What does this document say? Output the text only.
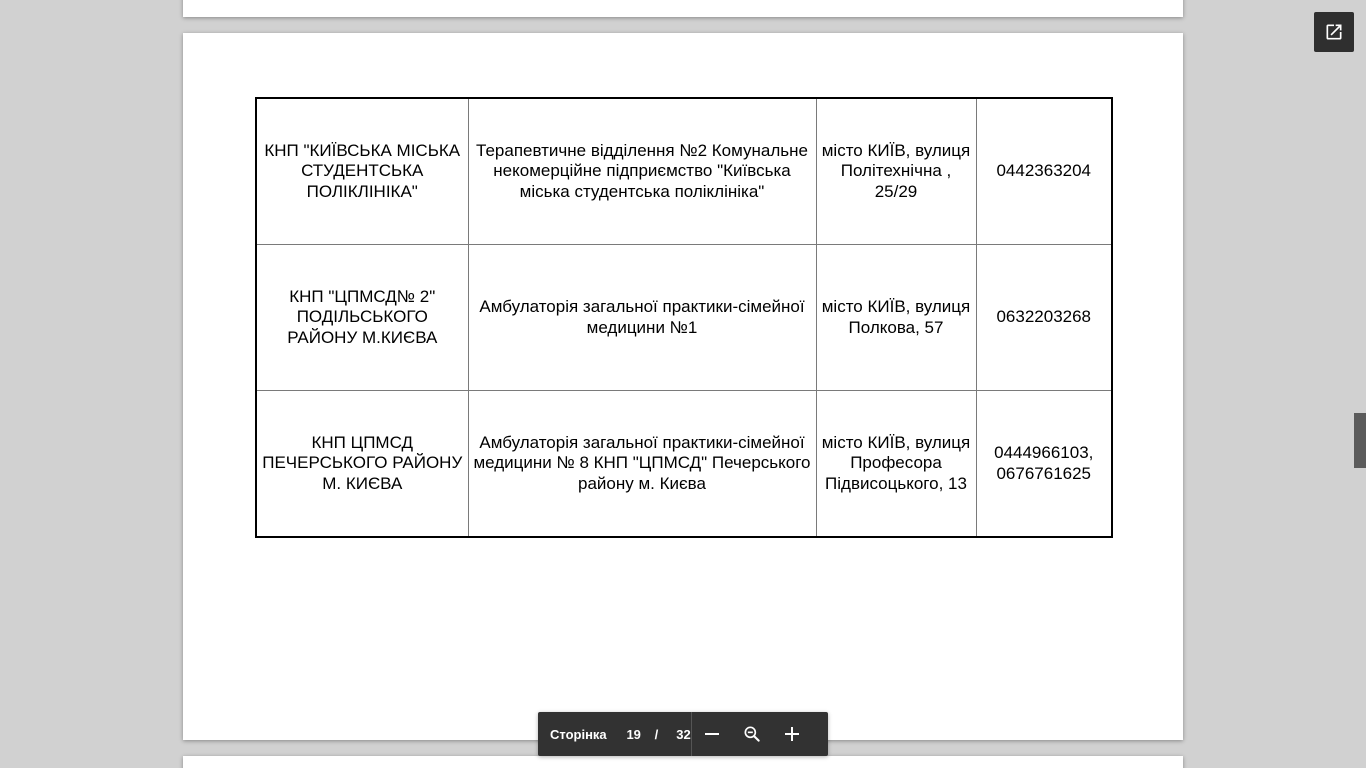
КНП "КИЇВСЬКА МІСЬКА СТУДЕНТСЬКА ПОЛІКЛІНІКА"	Терапевтичне відділення №2 Комунальне некомерційне підприємство "Київська міська студентська поліклініка"	місто КИЇВ, вулиця Політехнічна , 25/29	0442363204
КНП "ЦПМСД№ 2" ПОДІЛЬСЬКОГО РАЙОНУ М.КИЄВА	Амбулаторія загальної практики-сімейної медицини №1	місто КИЇВ, вулиця Полкова, 57	0632203268
КНП ЦПМСД ПЕЧЕРСЬКОГО РАЙОНУ М. КИЄВА	Амбулаторія загальної практики-сімейної медицини № 8 КНП "ЦПМСД" Печерського району м. Києва	місто КИЇВ, вулиця Професора Підвисоцького, 13	0444966103, 0676761625
Сторінка 19 / 32
